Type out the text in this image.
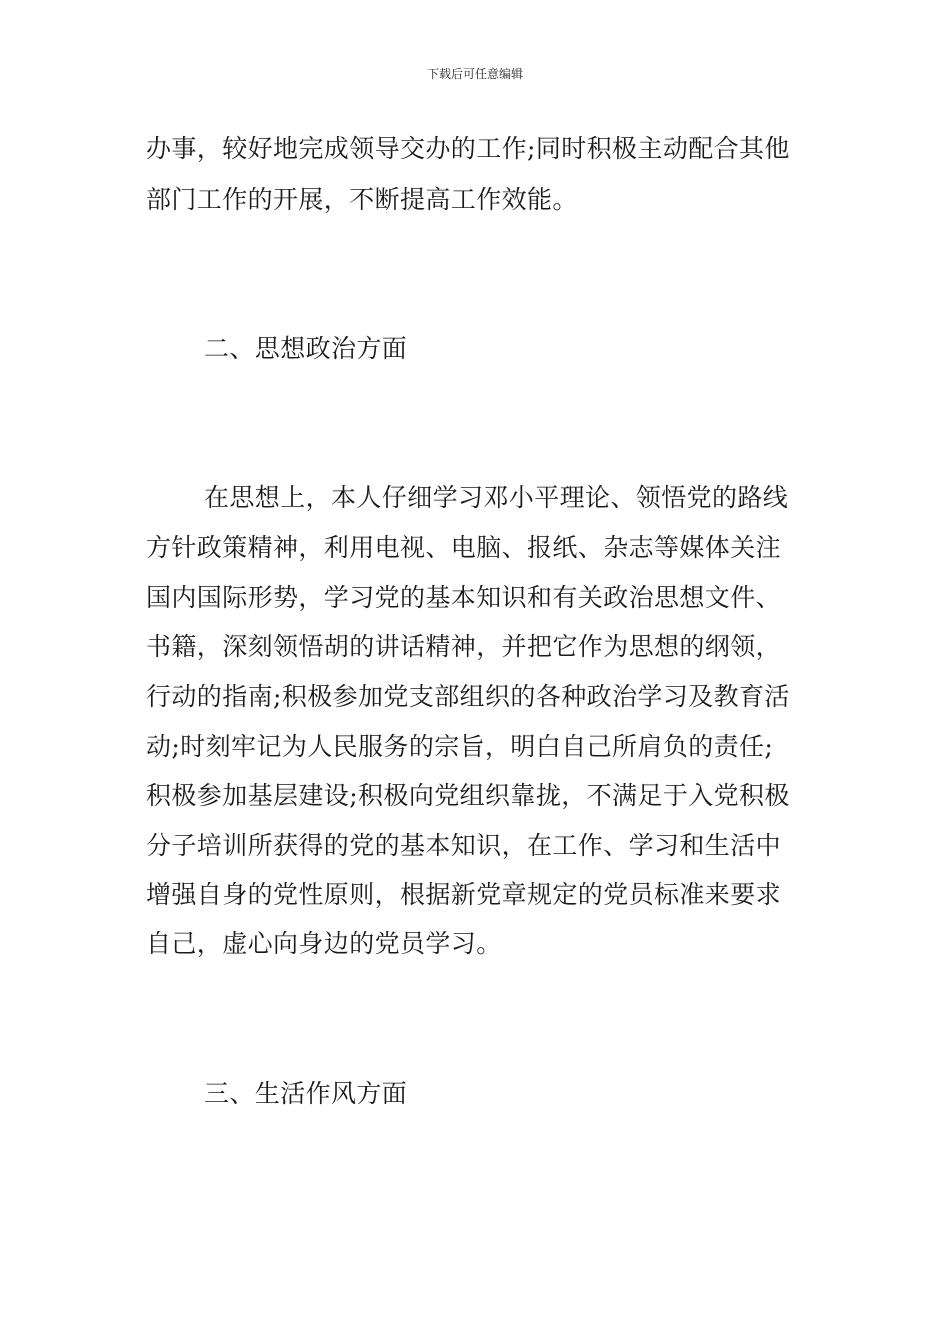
下载后可任意编辑
办事，较好地完成领导交办的工作;同时积极主动配合其他
部门工作的开展，不断提高工作效能。
二、思想政治方面
在思想上，本人仔细学习邓小平理论、领悟党的路线
方针政策精神，利用电视、电脑、报纸、杂志等媒体关注
国内国际形势，学习党的基本知识和有关政治思想文件、
书籍，深刻领悟胡的讲话精神，并把它作为思想的纲领，
行动的指南;积极参加党支部组织的各种政治学习及教育活
动;时刻牢记为人民服务的宗旨，明白自己所肩负的责任;
积极参加基层建设;积极向党组织靠拢，不满足于入党积极
分子培训所获得的党的基本知识，在工作、学习和生活中
增强自身的党性原则，根据新党章规定的党员标准来要求
自己，虚心向身边的党员学习。
三、生活作风方面
